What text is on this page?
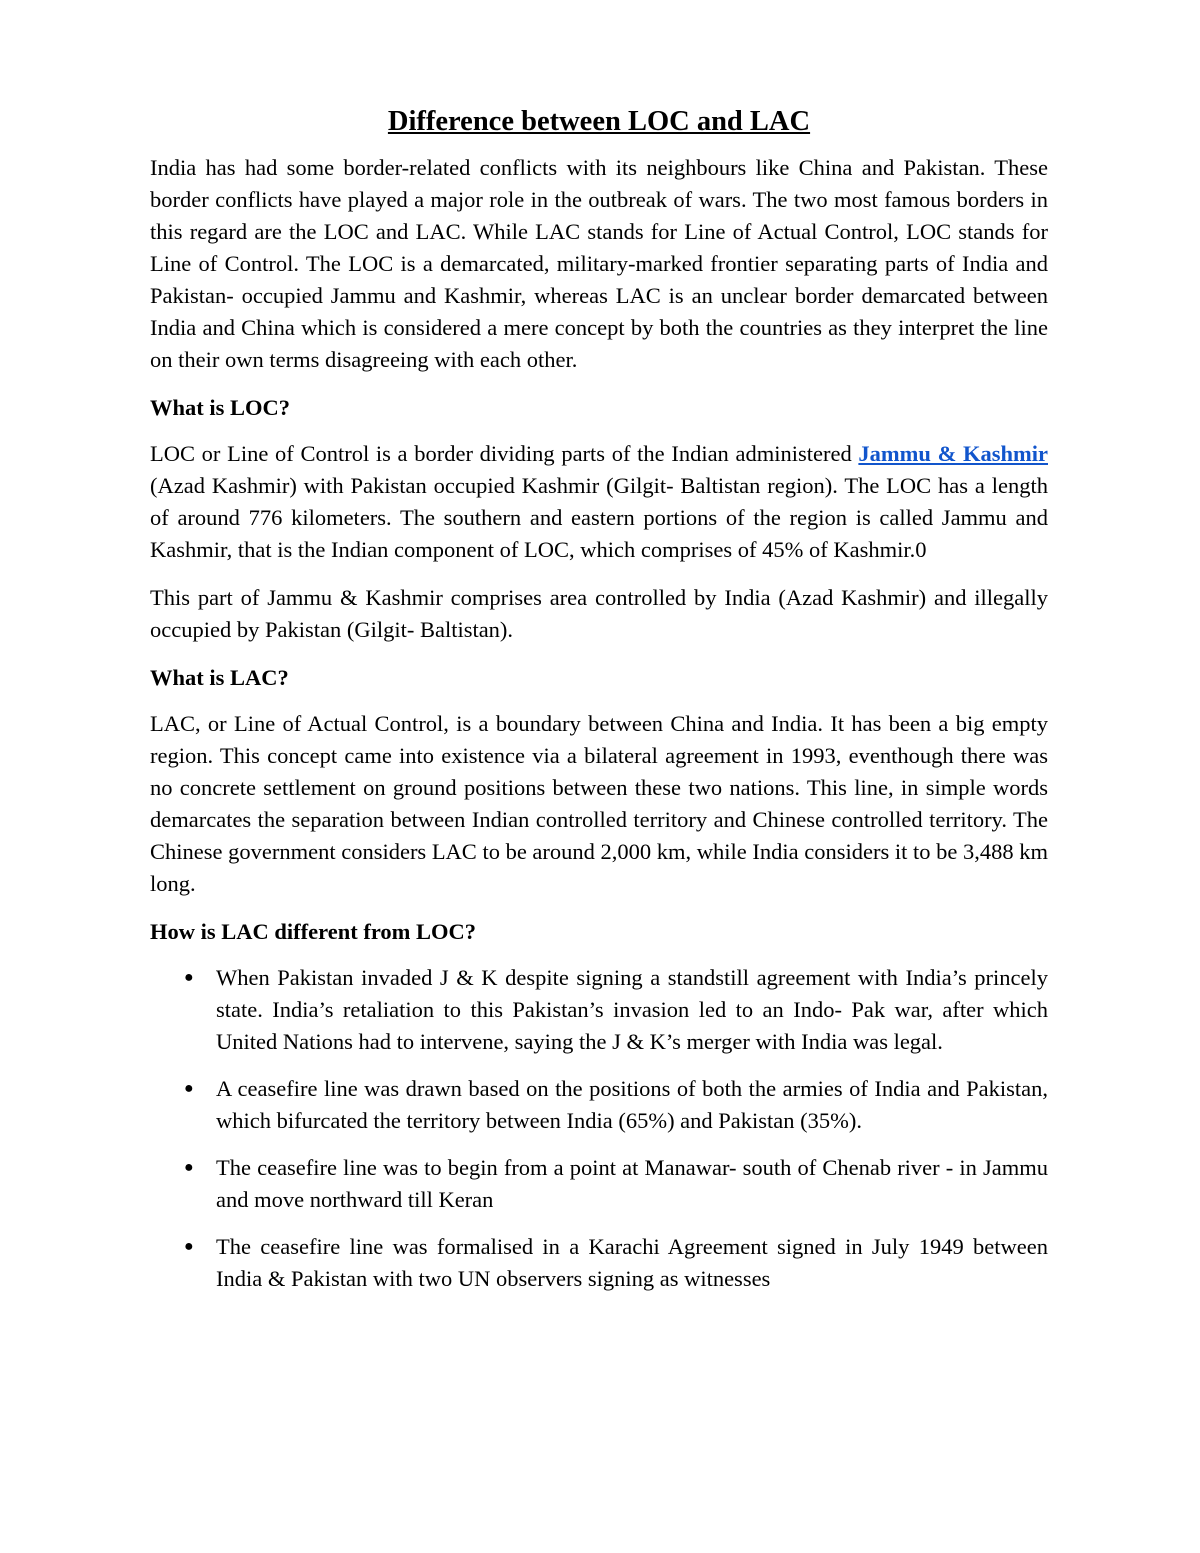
Difference between LOC and LAC

India has had some border-related conflicts with its neighbours like China and Pakistan. These border conflicts have played a major role in the outbreak of wars. The two most famous borders in this regard are the LOC and LAC. While LAC stands for Line of Actual Control, LOC stands for Line of Control. The LOC is a demarcated, military-marked frontier separating parts of India and Pakistan- occupied Jammu and Kashmir, whereas LAC is an unclear border demarcated between India and China which is considered a mere concept by both the countries as they interpret the line on their own terms disagreeing with each other.

What is LOC?

LOC or Line of Control is a border dividing parts of the Indian administered Jammu & Kashmir (Azad Kashmir) with Pakistan occupied Kashmir (Gilgit- Baltistan region). The LOC has a length of around 776 kilometers. The southern and eastern portions of the region is called Jammu and Kashmir, that is the Indian component of LOC, which comprises of 45% of Kashmir.0

This part of Jammu & Kashmir comprises area controlled by India (Azad Kashmir) and illegally occupied by Pakistan (Gilgit- Baltistan).

What is LAC?

LAC, or Line of Actual Control, is a boundary between China and India. It has been a big empty region. This concept came into existence via a bilateral agreement in 1993, eventhough there was no concrete settlement on ground positions between these two nations. This line, in simple words demarcates the separation between Indian controlled territory and Chinese controlled territory. The Chinese government considers LAC to be around 2,000 km, while India considers it to be 3,488 km long.

How is LAC different from LOC?
● When Pakistan invaded J & K despite signing a standstill agreement with India’s princely state. India’s retaliation to this Pakistan’s invasion led to an Indo- Pak war, after which United Nations had to intervene, saying the J & K’s merger with India was legal.
● A ceasefire line was drawn based on the positions of both the armies of India and Pakistan, which bifurcated the territory between India (65%) and Pakistan (35%).
● The ceasefire line was to begin from a point at Manawar- south of Chenab river - in Jammu and move northward till Keran
● The ceasefire line was formalised in a Karachi Agreement signed in July 1949 between India & Pakistan with two UN observers signing as witnesses
